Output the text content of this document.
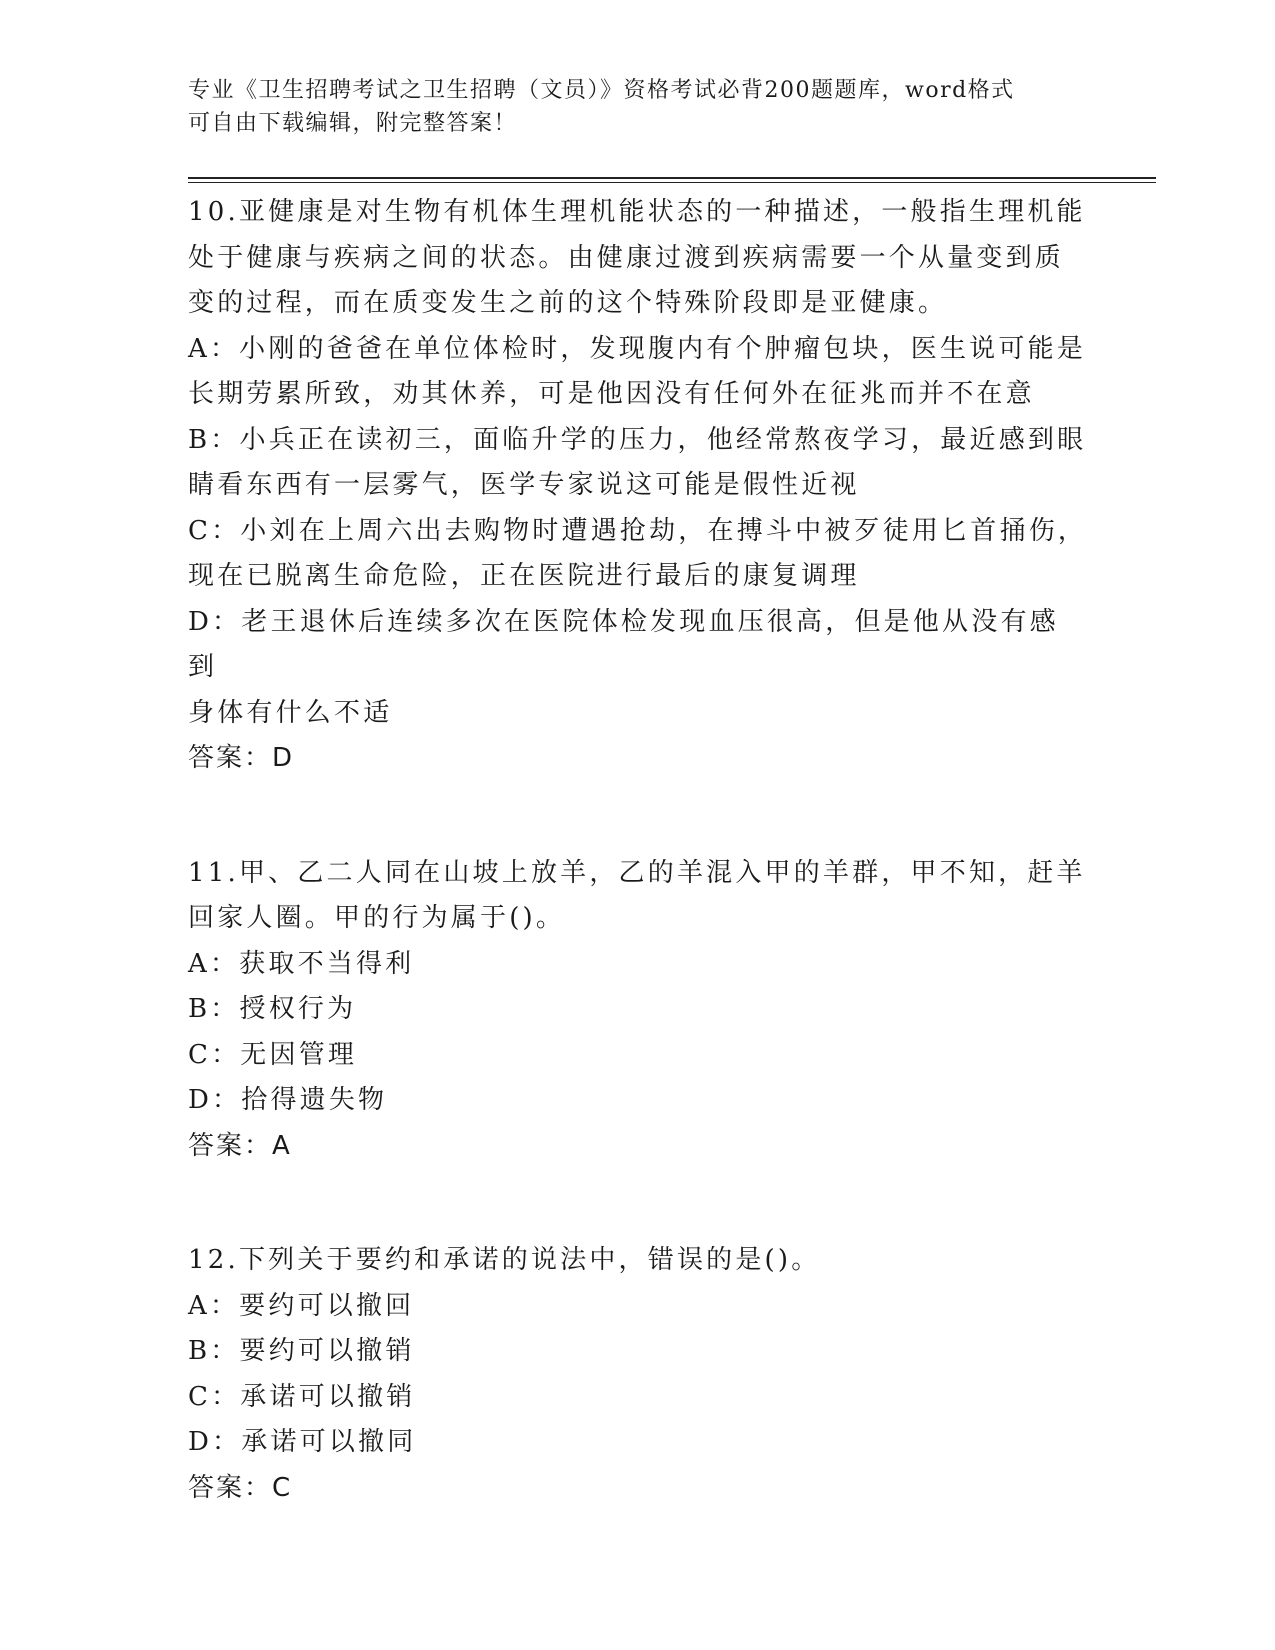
专业《卫生招聘考试之卫生招聘（文员）》资格考试必背200题题库，word格式

可自由下载编辑，附完整答案！

10.亚健康是对生物有机体生理机能状态的一种描述，一般指生理机能

处于健康与疾病之间的状态。由健康过渡到疾病需要一个从量变到质

变的过程，而在质变发生之前的这个特殊阶段即是亚健康。

A：小刚的爸爸在单位体检时，发现腹内有个肿瘤包块，医生说可能是

长期劳累所致，劝其休养，可是他因没有任何外在征兆而并不在意

B：小兵正在读初三，面临升学的压力，他经常熬夜学习，最近感到眼

睛看东西有一层雾气，医学专家说这可能是假性近视

C：小刘在上周六出去购物时遭遇抢劫，在搏斗中被歹徒用匕首捅伤，

现在已脱离生命危险，正在医院进行最后的康复调理

D：老王退休后连续多次在医院体检发现血压很高，但是他从没有感到

身体有什么不适

答案：D

11.甲、乙二人同在山坡上放羊，乙的羊混入甲的羊群，甲不知，赶羊

回家人圈。甲的行为属于()。

A：获取不当得利

B：授权行为

C：无因管理

D：拾得遗失物

答案：A

12.下列关于要约和承诺的说法中，错误的是()。

A：要约可以撤回

B：要约可以撤销

C：承诺可以撤销

D：承诺可以撤同

答案：C
